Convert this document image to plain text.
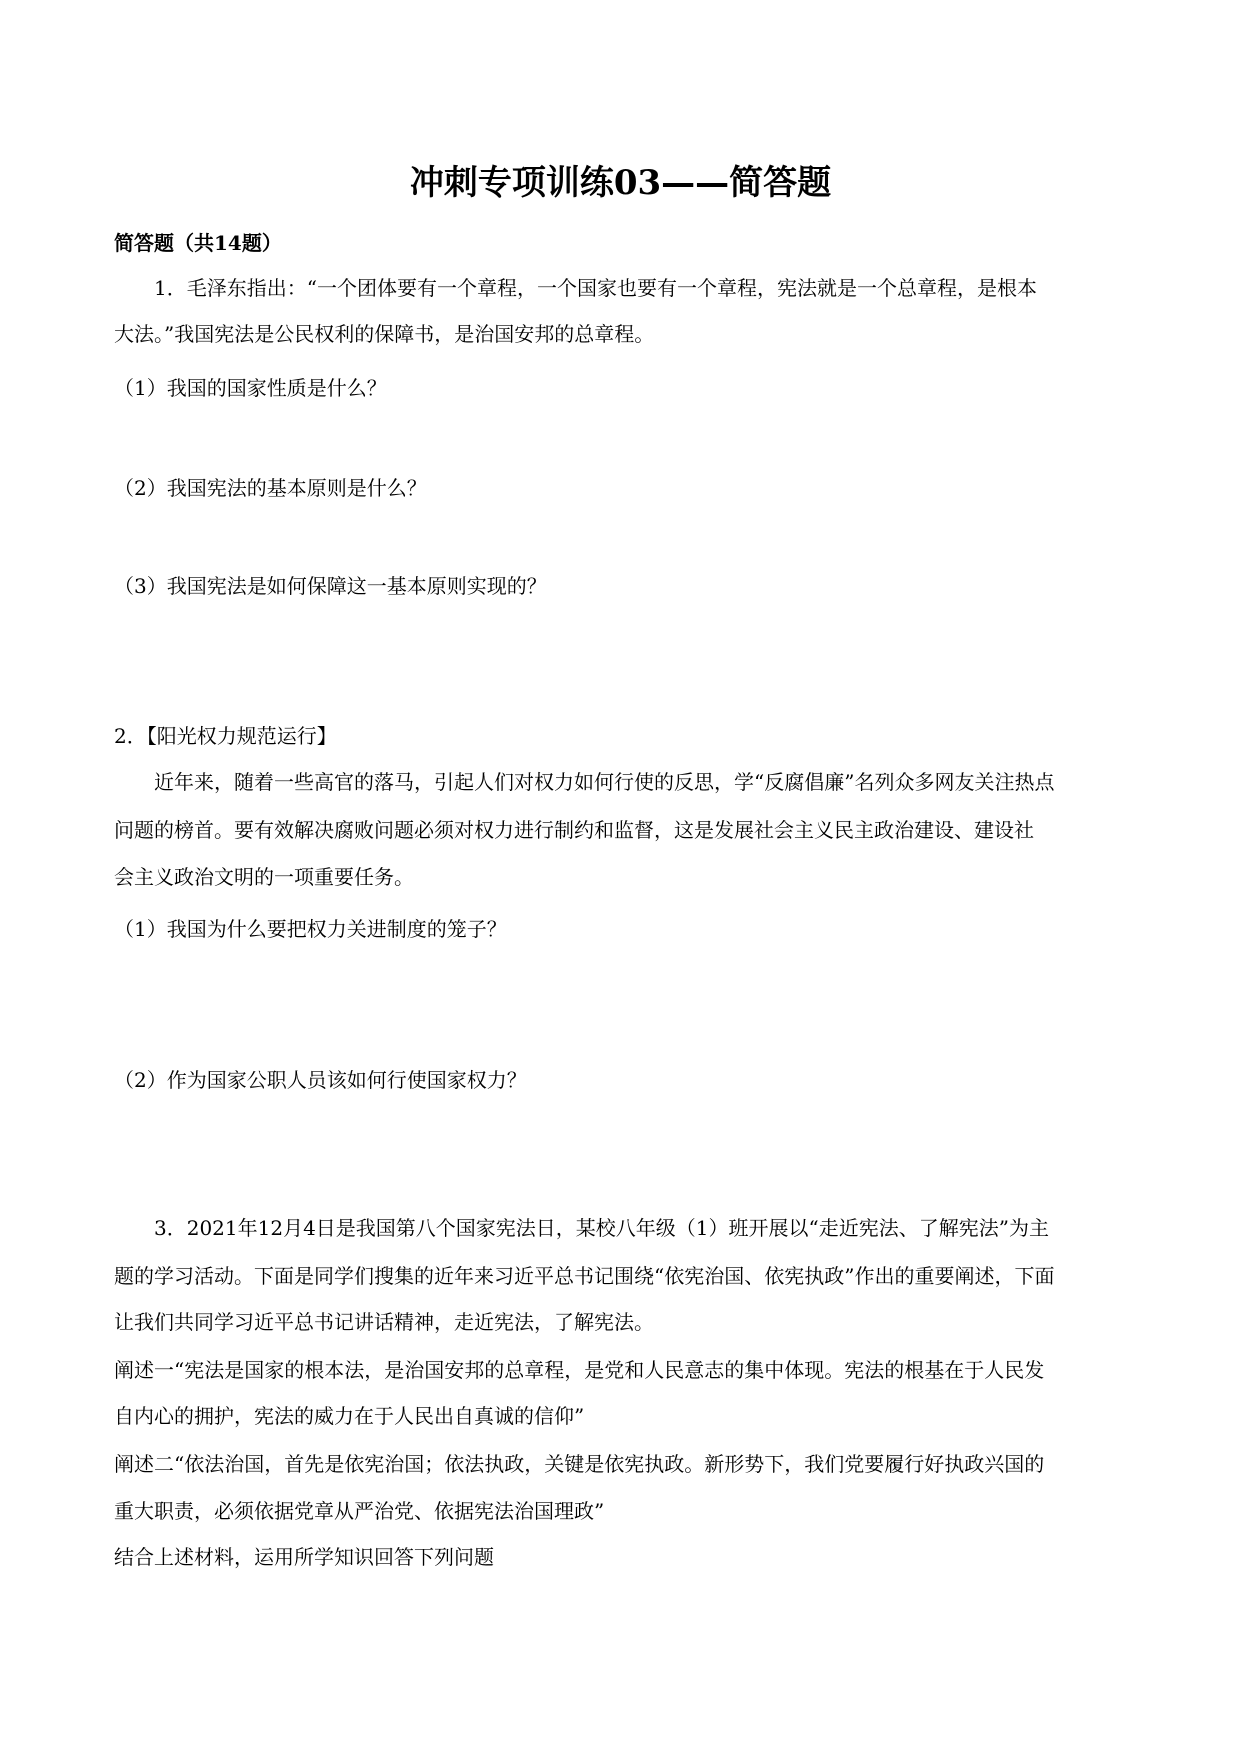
冲刺专项训练03——简答题
简答题（共14题）
1．毛泽东指出：“一个团体要有一个章程，一个国家也要有一个章程，宪法就是一个总章程，是根本
大法。”我国宪法是公民权利的保障书，是治国安邦的总章程。
（1）我国的国家性质是什么？
（2）我国宪法的基本原则是什么？
（3）我国宪法是如何保障这一基本原则实现的？
2．【阳光权力规范运行】
近年来，随着一些高官的落马，引起人们对权力如何行使的反思，学“反腐倡廉”名列众多网友关注热点
问题的榜首。要有效解决腐败问题必须对权力进行制约和监督，这是发展社会主义民主政治建设、建设社
会主义政治文明的一项重要任务。
（1）我国为什么要把权力关进制度的笼子？
（2）作为国家公职人员该如何行使国家权力？
3．2021年12月4日是我国第八个国家宪法日，某校八年级（1）班开展以“走近宪法、了解宪法”为主
题的学习活动。下面是同学们搜集的近年来习近平总书记围绕“依宪治国、依宪执政”作出的重要阐述，下面
让我们共同学习近平总书记讲话精神，走近宪法，了解宪法。
阐述一“宪法是国家的根本法，是治国安邦的总章程，是党和人民意志的集中体现。宪法的根基在于人民发
自内心的拥护，宪法的威力在于人民出自真诚的信仰”
阐述二“依法治国，首先是依宪治国；依法执政，关键是依宪执政。新形势下，我们党要履行好执政兴国的
重大职责，必须依据党章从严治党、依据宪法治国理政”
结合上述材料，运用所学知识回答下列问题
